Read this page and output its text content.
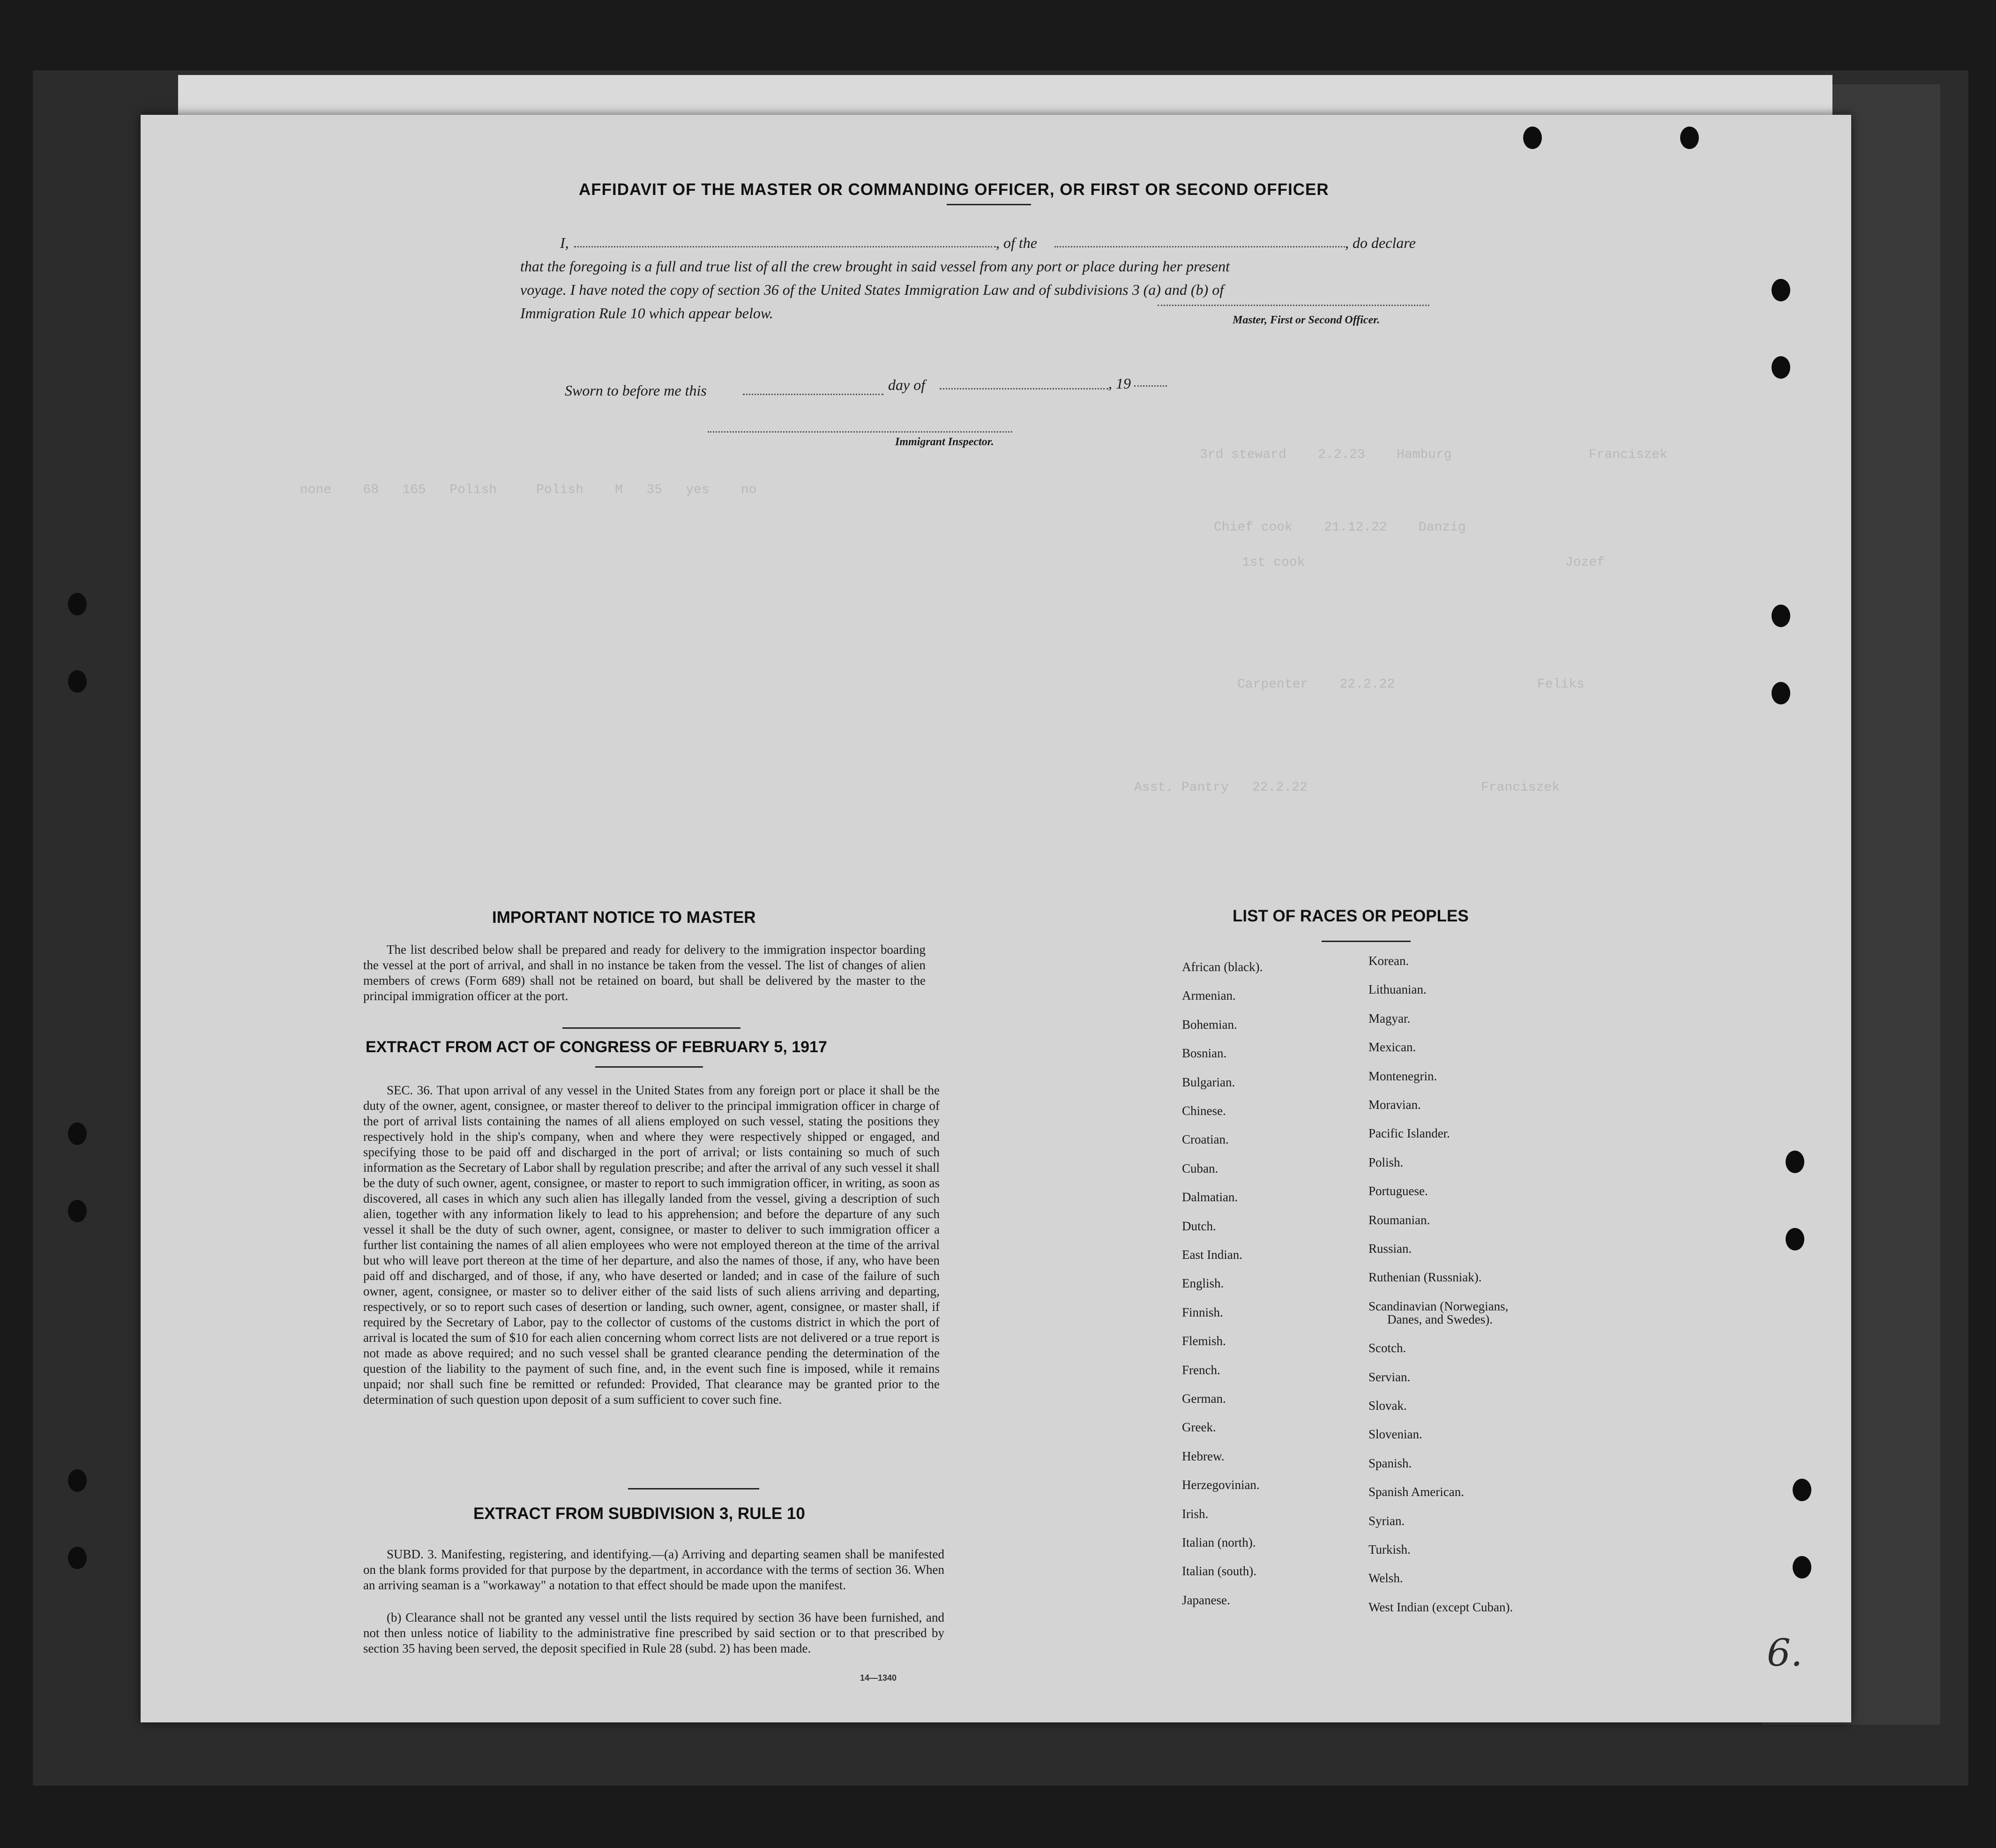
AFFIDAVIT OF THE MASTER OR COMMANDING OFFICER, OR FIRST OR SECOND OFFICER
I,	, of the	, do declare
that the foregoing is a full and true list of all the crew brought in said vessel from any port or place during her present
voyage. I have noted the copy of section 36 of the United States Immigration Law and of subdivisions 3 (a) and (b) of
Immigration Rule 10 which appear below.	Master, First or Second Officer.
Sworn to before me this	day of	, 19
Immigrant Inspector.
none    68   165   Polish     Polish    M   35   yes    no
3rd steward    2.2.23    Hamburg	Franciszek
Chief cook    21.12.22    Danzig
1st cook	Jozef
Carpenter    22.2.22	Feliks
Asst. Pantry   22.2.22	Franciszek
IMPORTANT NOTICE TO MASTER
The list described below shall be prepared and ready for delivery to the immigration inspector boarding the vessel at the port of arrival, and shall in no instance be taken from the vessel. The list of changes of alien members of crews (Form 689) shall not be retained on board, but shall be delivered by the master to the principal immigration officer at the port.
EXTRACT FROM ACT OF CONGRESS OF FEBRUARY 5, 1917
SEC. 36. That upon arrival of any vessel in the United States from any foreign port or place it shall be the duty of the owner, agent, consignee, or master thereof to deliver to the principal immigration officer in charge of the port of arrival lists containing the names of all aliens employed on such vessel, stating the positions they respectively hold in the ship's company, when and where they were respectively shipped or engaged, and specifying those to be paid off and discharged in the port of arrival; or lists containing so much of such information as the Secretary of Labor shall by regulation prescribe; and after the arrival of any such vessel it shall be the duty of such owner, agent, consignee, or master to report to such immigration officer, in writing, as soon as discovered, all cases in which any such alien has illegally landed from the vessel, giving a description of such alien, together with any information likely to lead to his apprehension; and before the departure of any such vessel it shall be the duty of such owner, agent, consignee, or master to deliver to such immigration officer a further list containing the names of all alien employees who were not employed thereon at the time of the arrival but who will leave port thereon at the time of her departure, and also the names of those, if any, who have been paid off and discharged, and of those, if any, who have deserted or landed; and in case of the failure of such owner, agent, consignee, or master so to deliver either of the said lists of such aliens arriving and departing, respectively, or so to report such cases of desertion or landing, such owner, agent, consignee, or master shall, if required by the Secretary of Labor, pay to the collector of customs of the customs district in which the port of arrival is located the sum of $10 for each alien concerning whom correct lists are not delivered or a true report is not made as above required; and no such vessel shall be granted clearance pending the determination of the question of the liability to the payment of such fine, and, in the event such fine is imposed, while it remains unpaid; nor shall such fine be remitted or refunded: Provided, That clearance may be granted prior to the determination of such question upon deposit of a sum sufficient to cover such fine.
EXTRACT FROM SUBDIVISION 3, RULE 10
SUBD. 3. Manifesting, registering, and identifying.—(a) Arriving and departing seamen shall be manifested on the blank forms provided for that purpose by the department, in accordance with the terms of section 36. When an arriving seaman is a "workaway" a notation to that effect should be made upon the manifest.
(b) Clearance shall not be granted any vessel until the lists required by section 36 have been furnished, and not then unless notice of liability to the administrative fine prescribed by said section or to that prescribed by section 35 having been served, the deposit specified in Rule 28 (subd. 2) has been made.
14—1340
LIST OF RACES OR PEOPLES
African (black).
Armenian.
Bohemian.
Bosnian.
Bulgarian.
Chinese.
Croatian.
Cuban.
Dalmatian.
Dutch.
East Indian.
English.
Finnish.
Flemish.
French.
German.
Greek.
Hebrew.
Herzegovinian.
Irish.
Italian (north).
Italian (south).
Japanese.
Korean.
Lithuanian.
Magyar.
Mexican.
Montenegrin.
Moravian.
Pacific Islander.
Polish.
Portuguese.
Roumanian.
Russian.
Ruthenian (Russniak).
Scandinavian (Norwegians,
Danes, and Swedes).
Scotch.
Servian.
Slovak.
Slovenian.
Spanish.
Spanish American.
Syrian.
Turkish.
Welsh.
West Indian (except Cuban).
6.
